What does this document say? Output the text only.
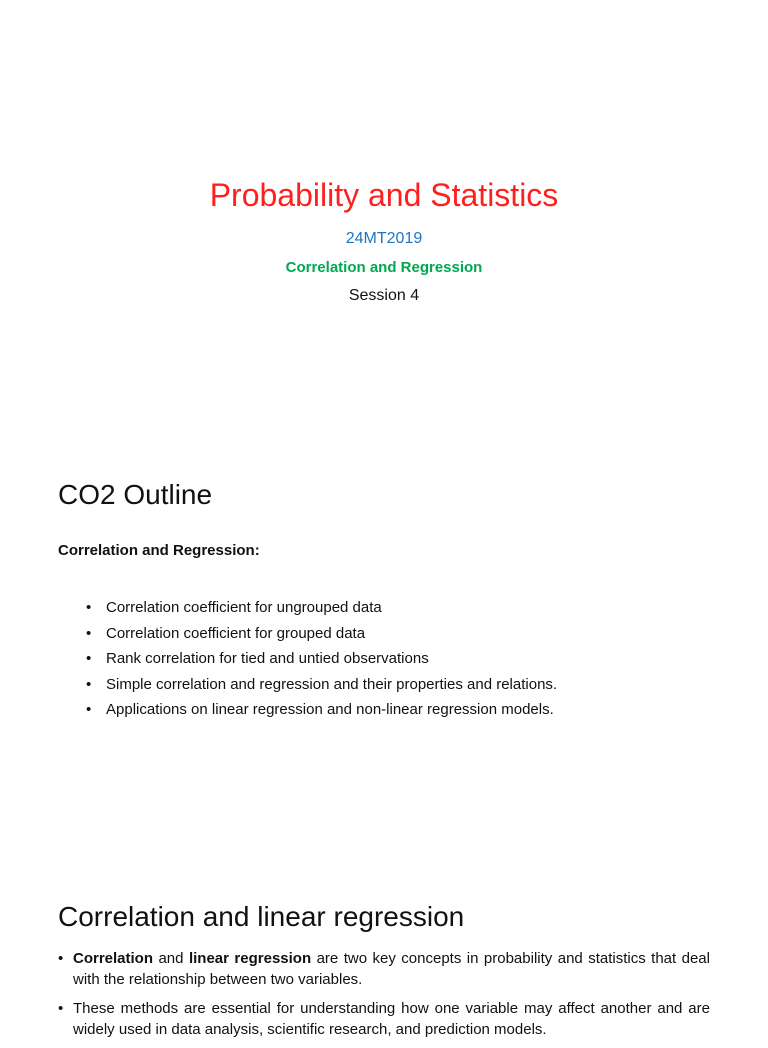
Probability and Statistics
24MT2019
Correlation and Regression
Session 4
CO2 Outline
Correlation and Regression:
• Correlation coefficient for ungrouped data
• Correlation coefficient for grouped data
• Rank correlation for tied and untied observations
• Simple correlation and regression and their properties and relations.
• Applications on linear regression and non-linear regression models.
Correlation and linear regression
• Correlation and linear regression are two key concepts in probability and statistics that deal with the relationship between two variables.
• These methods are essential for understanding how one variable may affect another and are widely used in data analysis, scientific research, and prediction models.
